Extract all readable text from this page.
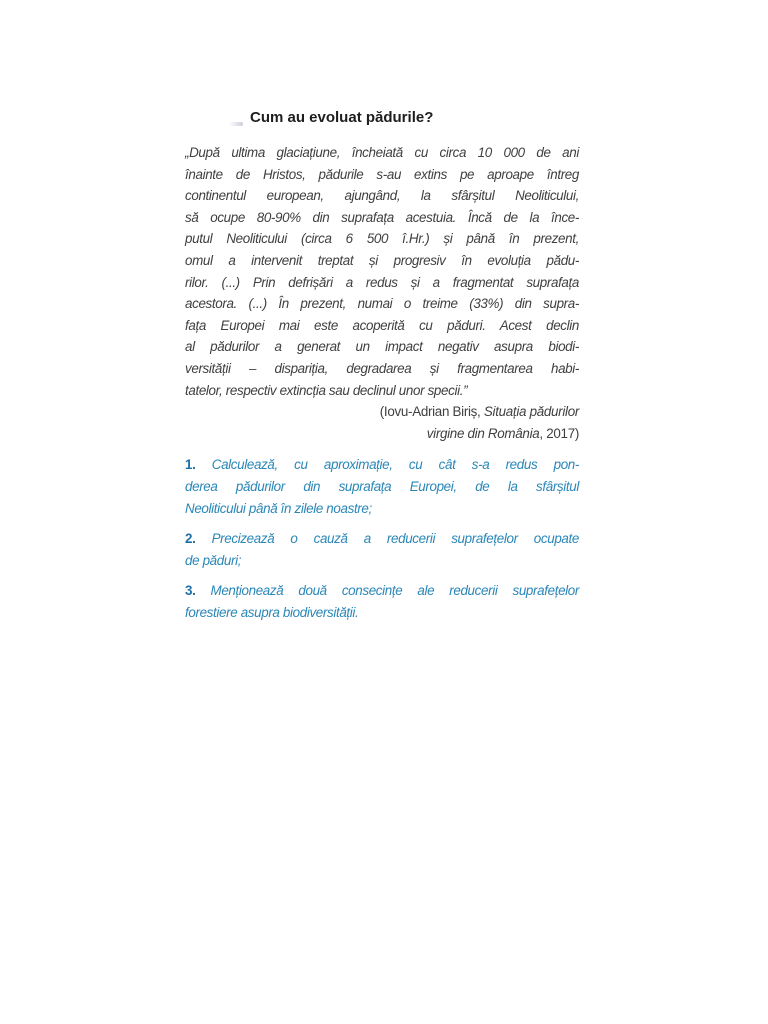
Cum au evoluat pădurile?
„După ultima glaciațiune, încheiată cu circa 10 000 de ani
înainte de Hristos, pădurile s-au extins pe aproape întreg
continentul european, ajungând, la sfârșitul Neoliticului,
să ocupe 80-90% din suprafața acestuia. Încă de la înce-
putul Neoliticului (circa 6 500 î.Hr.) și până în prezent,
omul a intervenit treptat și progresiv în evoluția pădu-
rilor. (...) Prin defrișări a redus și a fragmentat suprafața
acestora. (...) În prezent, numai o treime (33%) din supra-
fața Europei mai este acoperită cu păduri. Acest declin
al pădurilor a generat un impact negativ asupra biodi-
versității – dispariția, degradarea și fragmentarea habi-
tatelor, respectiv extincția sau declinul unor specii.”
(Iovu-Adrian Biriș, Situația pădurilor
virgine din România, 2017)
1. Calculează, cu aproximație, cu cât s-a redus pon-
derea pădurilor din suprafața Europei, de la sfârșitul
Neoliticului până în zilele noastre;
2. Precizează o cauză a reducerii suprafețelor ocupate
de păduri;
3. Menționează două consecințe ale reducerii suprafețelor
forestiere asupra biodiversității.
